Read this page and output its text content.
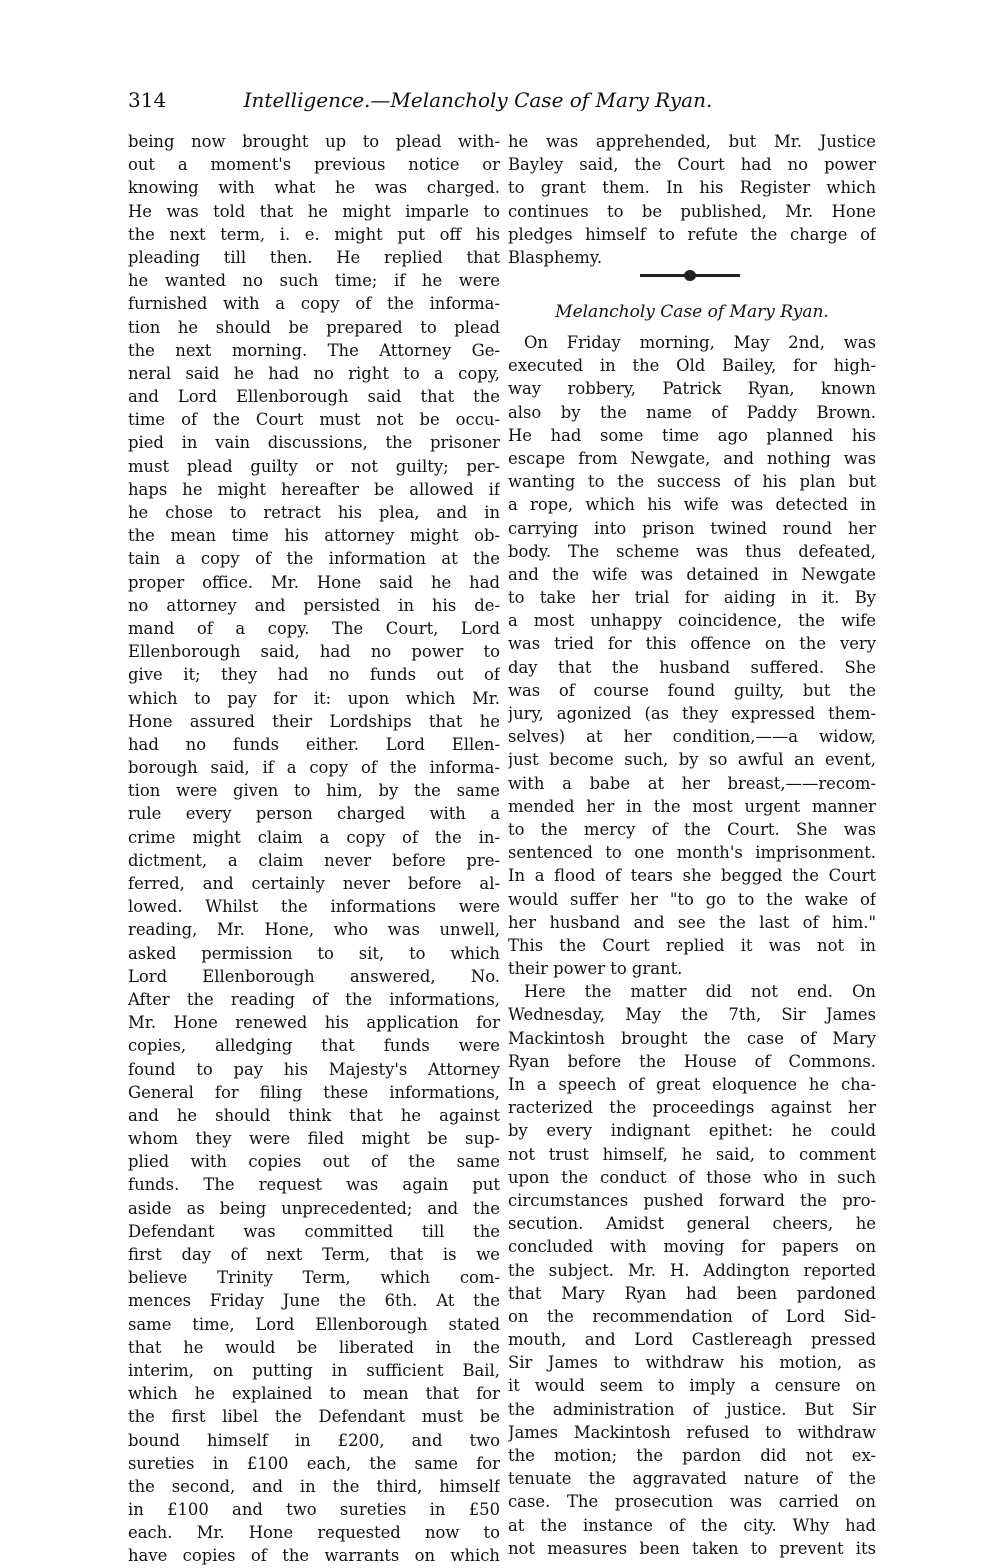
314	Intelligence.—Melancholy Case of Mary Ryan.
being now brought up to plead with-
out a moment's previous notice or
knowing with what he was charged.
He was told that he might imparle to
the next term, i. e. might put off his
pleading till then. He replied that
he wanted no such time; if he were
furnished with a copy of the informa-
tion he should be prepared to plead
the next morning. The Attorney Ge-
neral said he had no right to a copy,
and Lord Ellenborough said that the
time of the Court must not be occu-
pied in vain discussions, the prisoner
must plead guilty or not guilty; per-
haps he might hereafter be allowed if
he chose to retract his plea, and in
the mean time his attorney might ob-
tain a copy of the information at the
proper office. Mr. Hone said he had
no attorney and persisted in his de-
mand of a copy. The Court, Lord
Ellenborough said, had no power to
give it; they had no funds out of
which to pay for it: upon which Mr.
Hone assured their Lordships that he
had no funds either. Lord Ellen-
borough said, if a copy of the informa-
tion were given to him, by the same
rule every person charged with a
crime might claim a copy of the in-
dictment, a claim never before pre-
ferred, and certainly never before al-
lowed. Whilst the informations were
reading, Mr. Hone, who was unwell,
asked permission to sit, to which
Lord Ellenborough answered, No.
After the reading of the informations,
Mr. Hone renewed his application for
copies, alledging that funds were
found to pay his Majesty's Attorney
General for filing these informations,
and he should think that he against
whom they were filed might be sup-
plied with copies out of the same
funds. The request was again put
aside as being unprecedented; and the
Defendant was committed till the
first day of next Term, that is we
believe Trinity Term, which com-
mences Friday June the 6th. At the
same time, Lord Ellenborough stated
that he would be liberated in the
interim, on putting in sufficient Bail,
which he explained to mean that for
the first libel the Defendant must be
bound himself in £200, and two
sureties in £100 each, the same for
the second, and in the third, himself
in £100 and two sureties in £50
each. Mr. Hone requested now to
have copies of the warrants on which
he was apprehended, but Mr. Justice
Bayley said, the Court had no power
to grant them. In his Register which
continues to be published, Mr. Hone
pledges himself to refute the charge of
Blasphemy.
Melancholy Case of Mary Ryan.
On Friday morning, May 2nd, was
executed in the Old Bailey, for high-
way robbery, Patrick Ryan, known
also by the name of Paddy Brown.
He had some time ago planned his
escape from Newgate, and nothing was
wanting to the success of his plan but
a rope, which his wife was detected in
carrying into prison twined round her
body. The scheme was thus defeated,
and the wife was detained in Newgate
to take her trial for aiding in it. By
a most unhappy coincidence, the wife
was tried for this offence on the very
day that the husband suffered. She
was of course found guilty, but the
jury, agonized (as they expressed them-
selves) at her condition,——a widow,
just become such, by so awful an event,
with a babe at her breast,——recom-
mended her in the most urgent manner
to the mercy of the Court. She was
sentenced to one month's imprisonment.
In a flood of tears she begged the Court
would suffer her "to go to the wake of
her husband and see the last of him."
This the Court replied it was not in
their power to grant.
Here the matter did not end. On
Wednesday, May the 7th, Sir James
Mackintosh brought the case of Mary
Ryan before the House of Commons.
In a speech of great eloquence he cha-
racterized the proceedings against her
by every indignant epithet: he could
not trust himself, he said, to comment
upon the conduct of those who in such
circumstances pushed forward the pro-
secution. Amidst general cheers, he
concluded with moving for papers on
the subject. Mr. H. Addington reported
that Mary Ryan had been pardoned
on the recommendation of Lord Sid-
mouth, and Lord Castlereagh pressed
Sir James to withdraw his motion, as
it would seem to imply a censure on
the administration of justice. But Sir
James Mackintosh refused to withdraw
the motion; the pardon did not ex-
tenuate the aggravated nature of the
case. The prosecution was carried on
at the instance of the city. Why had
not measures been taken to prevent its
